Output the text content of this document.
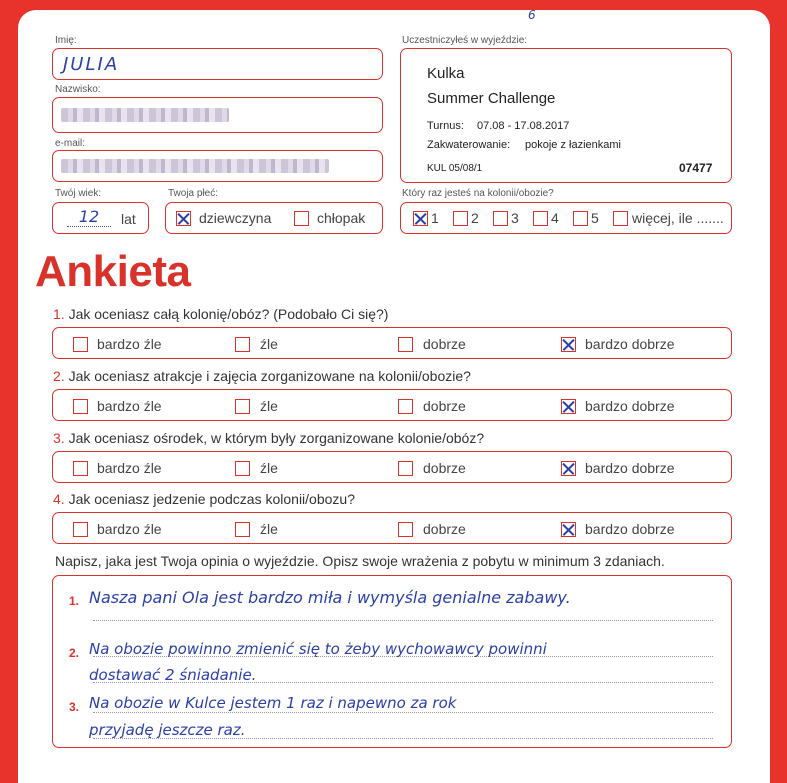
6
Imię:
JULIA
Nazwisko:
e-mail:
Twój wiek:
12	lat
Twoja płeć:
dziewczyna	chłopak
Uczestniczyłeś w wyjeździe:
Kulka
Summer Challenge
Turnus: 07.08 - 17.08.2017
Zakwaterowanie: pokoje z łazienkami
KUL 05/08/1	07477
Który raz jesteś na kolonii/obozie?
1 2 3 4 5 więcej, ile .......
Ankieta
1. Jak oceniasz całą kolonię/obóz? (Podobało Ci się?)
bardzo źle	źle	dobrze	bardzo dobrze
2. Jak oceniasz atrakcje i zajęcia zorganizowane na kolonii/obozie?
bardzo źle	źle	dobrze	bardzo dobrze
3. Jak oceniasz ośrodek, w którym były zorganizowane kolonie/obóz?
bardzo źle	źle	dobrze	bardzo dobrze
4. Jak oceniasz jedzenie podczas kolonii/obozu?
bardzo źle	źle	dobrze	bardzo dobrze
Napisz, jaka jest Twoja opinia o wyjeździe. Opisz swoje wrażenia z pobytu w minimum 3 zdaniach.
1. Nasza pani Ola jest bardzo miła i wymyśla genialne zabawy.
2. Na obozie powinno zmienić się to żeby wychowawcy powinni
dostawać 2 śniadanie.
3. Na obozie w Kulce jestem 1 raz i napewno za rok
przyjadę jeszcze raz.
